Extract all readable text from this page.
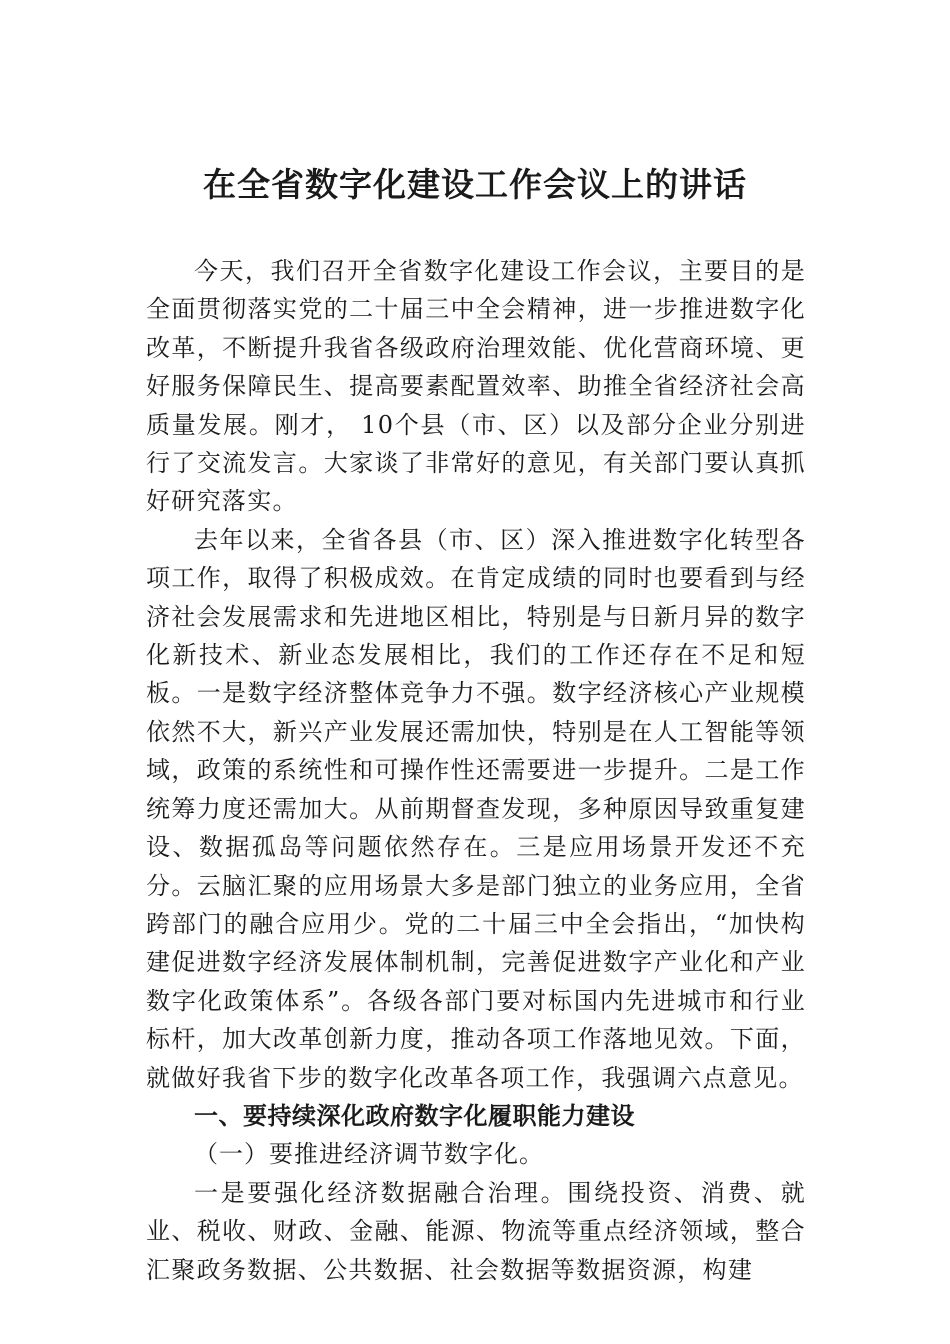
在全省数字化建设工作会议上的讲话

今天，我们召开全省数字化建设工作会议，主要目的是全面贯彻落实党的二十届三中全会精神，进一步推进数字化改革，不断提升我省各级政府治理效能、优化营商环境、更好服务保障民生、提高要素配置效率、助推全省经济社会高质量发展。刚才， 10个县（市、区）以及部分企业分别进行了交流发言。大家谈了非常好的意见，有关部门要认真抓好研究落实。

去年以来，全省各县（市、区）深入推进数字化转型各项工作，取得了积极成效。在肯定成绩的同时也要看到与经济社会发展需求和先进地区相比，特别是与日新月异的数字化新技术、新业态发展相比，我们的工作还存在不足和短板。一是数字经济整体竞争力不强。数字经济核心产业规模依然不大，新兴产业发展还需加快，特别是在人工智能等领域，政策的系统性和可操作性还需要进一步提升。二是工作统筹力度还需加大。从前期督查发现，多种原因导致重复建设、数据孤岛等问题依然存在。三是应用场景开发还不充分。云脑汇聚的应用场景大多是部门独立的业务应用，全省跨部门的融合应用少。党的二十届三中全会指出，“加快构建促进数字经济发展体制机制，完善促进数字产业化和产业数字化政策体系”。各级各部门要对标国内先进城市和行业标杆，加大改革创新力度，推动各项工作落地见效。下面，就做好我省下步的数字化改革各项工作，我强调六点意见。

一、要持续深化政府数字化履职能力建设

（一）要推进经济调节数字化。

一是要强化经济数据融合治理。围绕投资、消费、就业、税收、财政、金融、能源、物流等重点经济领域，整合汇聚政务数据、公共数据、社会数据等数据资源，构建
